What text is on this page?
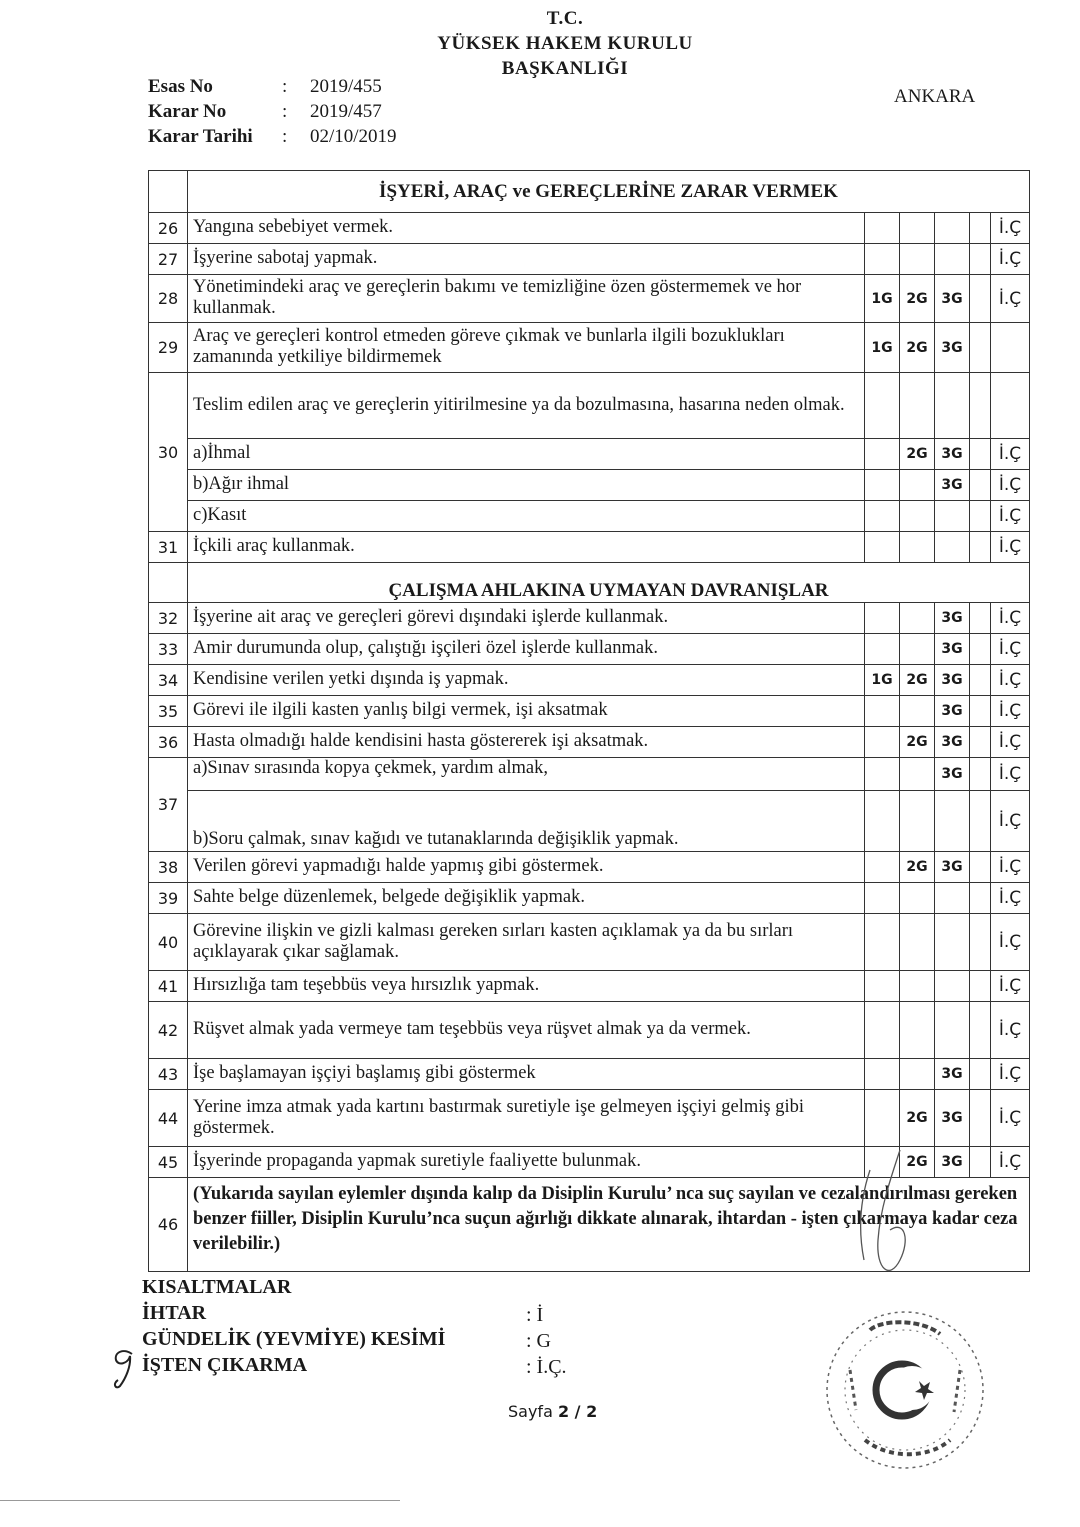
T.C.
YÜKSEK HAKEM KURULU
BAŞKANLIĞI
ANKARA
Esas No	: 2019/455
Karar No	: 2019/457
Karar Tarihi : 02/10/2019
	İŞYERİ, ARAÇ ve GEREÇLERİNE ZARAR VERMEK					
26	Yangına sebebiyet vermek.					İ.Ç
27	İşyerine sabotaj yapmak.					İ.Ç
28	Yönetimindeki araç ve gereçlerin bakımı ve temizliğine özen göstermemek ve hor kullanmak.	1G	2G	3G		İ.Ç
29	Araç ve gereçleri kontrol etmeden göreve çıkmak ve bunlarla ilgili bozuklukları zamanında yetkiliye bildirmemek	1G	2G	3G		
30	Teslim edilen araç ve gereçlerin yitirilmesine ya da bozulmasına, hasarına neden olmak.					
	a)İhmal		2G	3G		İ.Ç
	b)Ağır ihmal			3G		İ.Ç
	c)Kasıt					İ.Ç
31	İçkili araç kullanmak.					İ.Ç
	ÇALIŞMA AHLAKINA UYMAYAN DAVRANIŞLAR					
32	İşyerine ait araç ve gereçleri görevi dışındaki işlerde kullanmak.			3G		İ.Ç
33	Amir durumunda olup, çalıştığı işçileri özel işlerde kullanmak.			3G		İ.Ç
34	Kendisine verilen yetki dışında iş yapmak.	1G	2G	3G		İ.Ç
35	Görevi ile ilgili kasten yanlış bilgi vermek, işi aksatmak			3G		İ.Ç
36	Hasta olmadığı halde kendisini hasta göstererek işi aksatmak.		2G	3G		İ.Ç
37	a)Sınav sırasında kopya çekmek, yardım almak,			3G		İ.Ç
	b)Soru çalmak, sınav kağıdı ve tutanaklarında değişiklik yapmak.					İ.Ç
38	Verilen görevi yapmadığı halde yapmış gibi göstermek.		2G	3G		İ.Ç
39	Sahte belge düzenlemek, belgede değişiklik yapmak.					İ.Ç
40	Görevine ilişkin ve gizli kalması gereken sırları kasten açıklamak ya da bu sırları açıklayarak çıkar sağlamak.					İ.Ç
41	Hırsızlığa tam teşebbüs veya hırsızlık yapmak.					İ.Ç
42	Rüşvet almak yada vermeye tam teşebbüs veya rüşvet almak ya da vermek.					İ.Ç
43	İşe başlamayan işçiyi başlamış gibi göstermek			3G		İ.Ç
44	Yerine imza atmak yada kartını bastırmak suretiyle işe gelmeyen işçiyi gelmiş gibi göstermek.		2G	3G		İ.Ç
45	İşyerinde propaganda yapmak suretiyle faaliyette bulunmak.		2G	3G		İ.Ç
46	(Yukarıda sayılan eylemler dışında kalıp da Disiplin Kurulu’ nca suç sayılan ve cezalandırılması gereken benzer fiiller, Disiplin Kurulu’nca suçun ağırlığı dikkate alınarak, ihtardan - işten çıkarmaya kadar ceza verilebilir.)					
KISALTMALAR
İHTAR	: İ
GÜNDELİK (YEVMİYE) KESİMİ	: G
İŞTEN ÇIKARMA	: İ.Ç.
Sayfa 2 / 2
